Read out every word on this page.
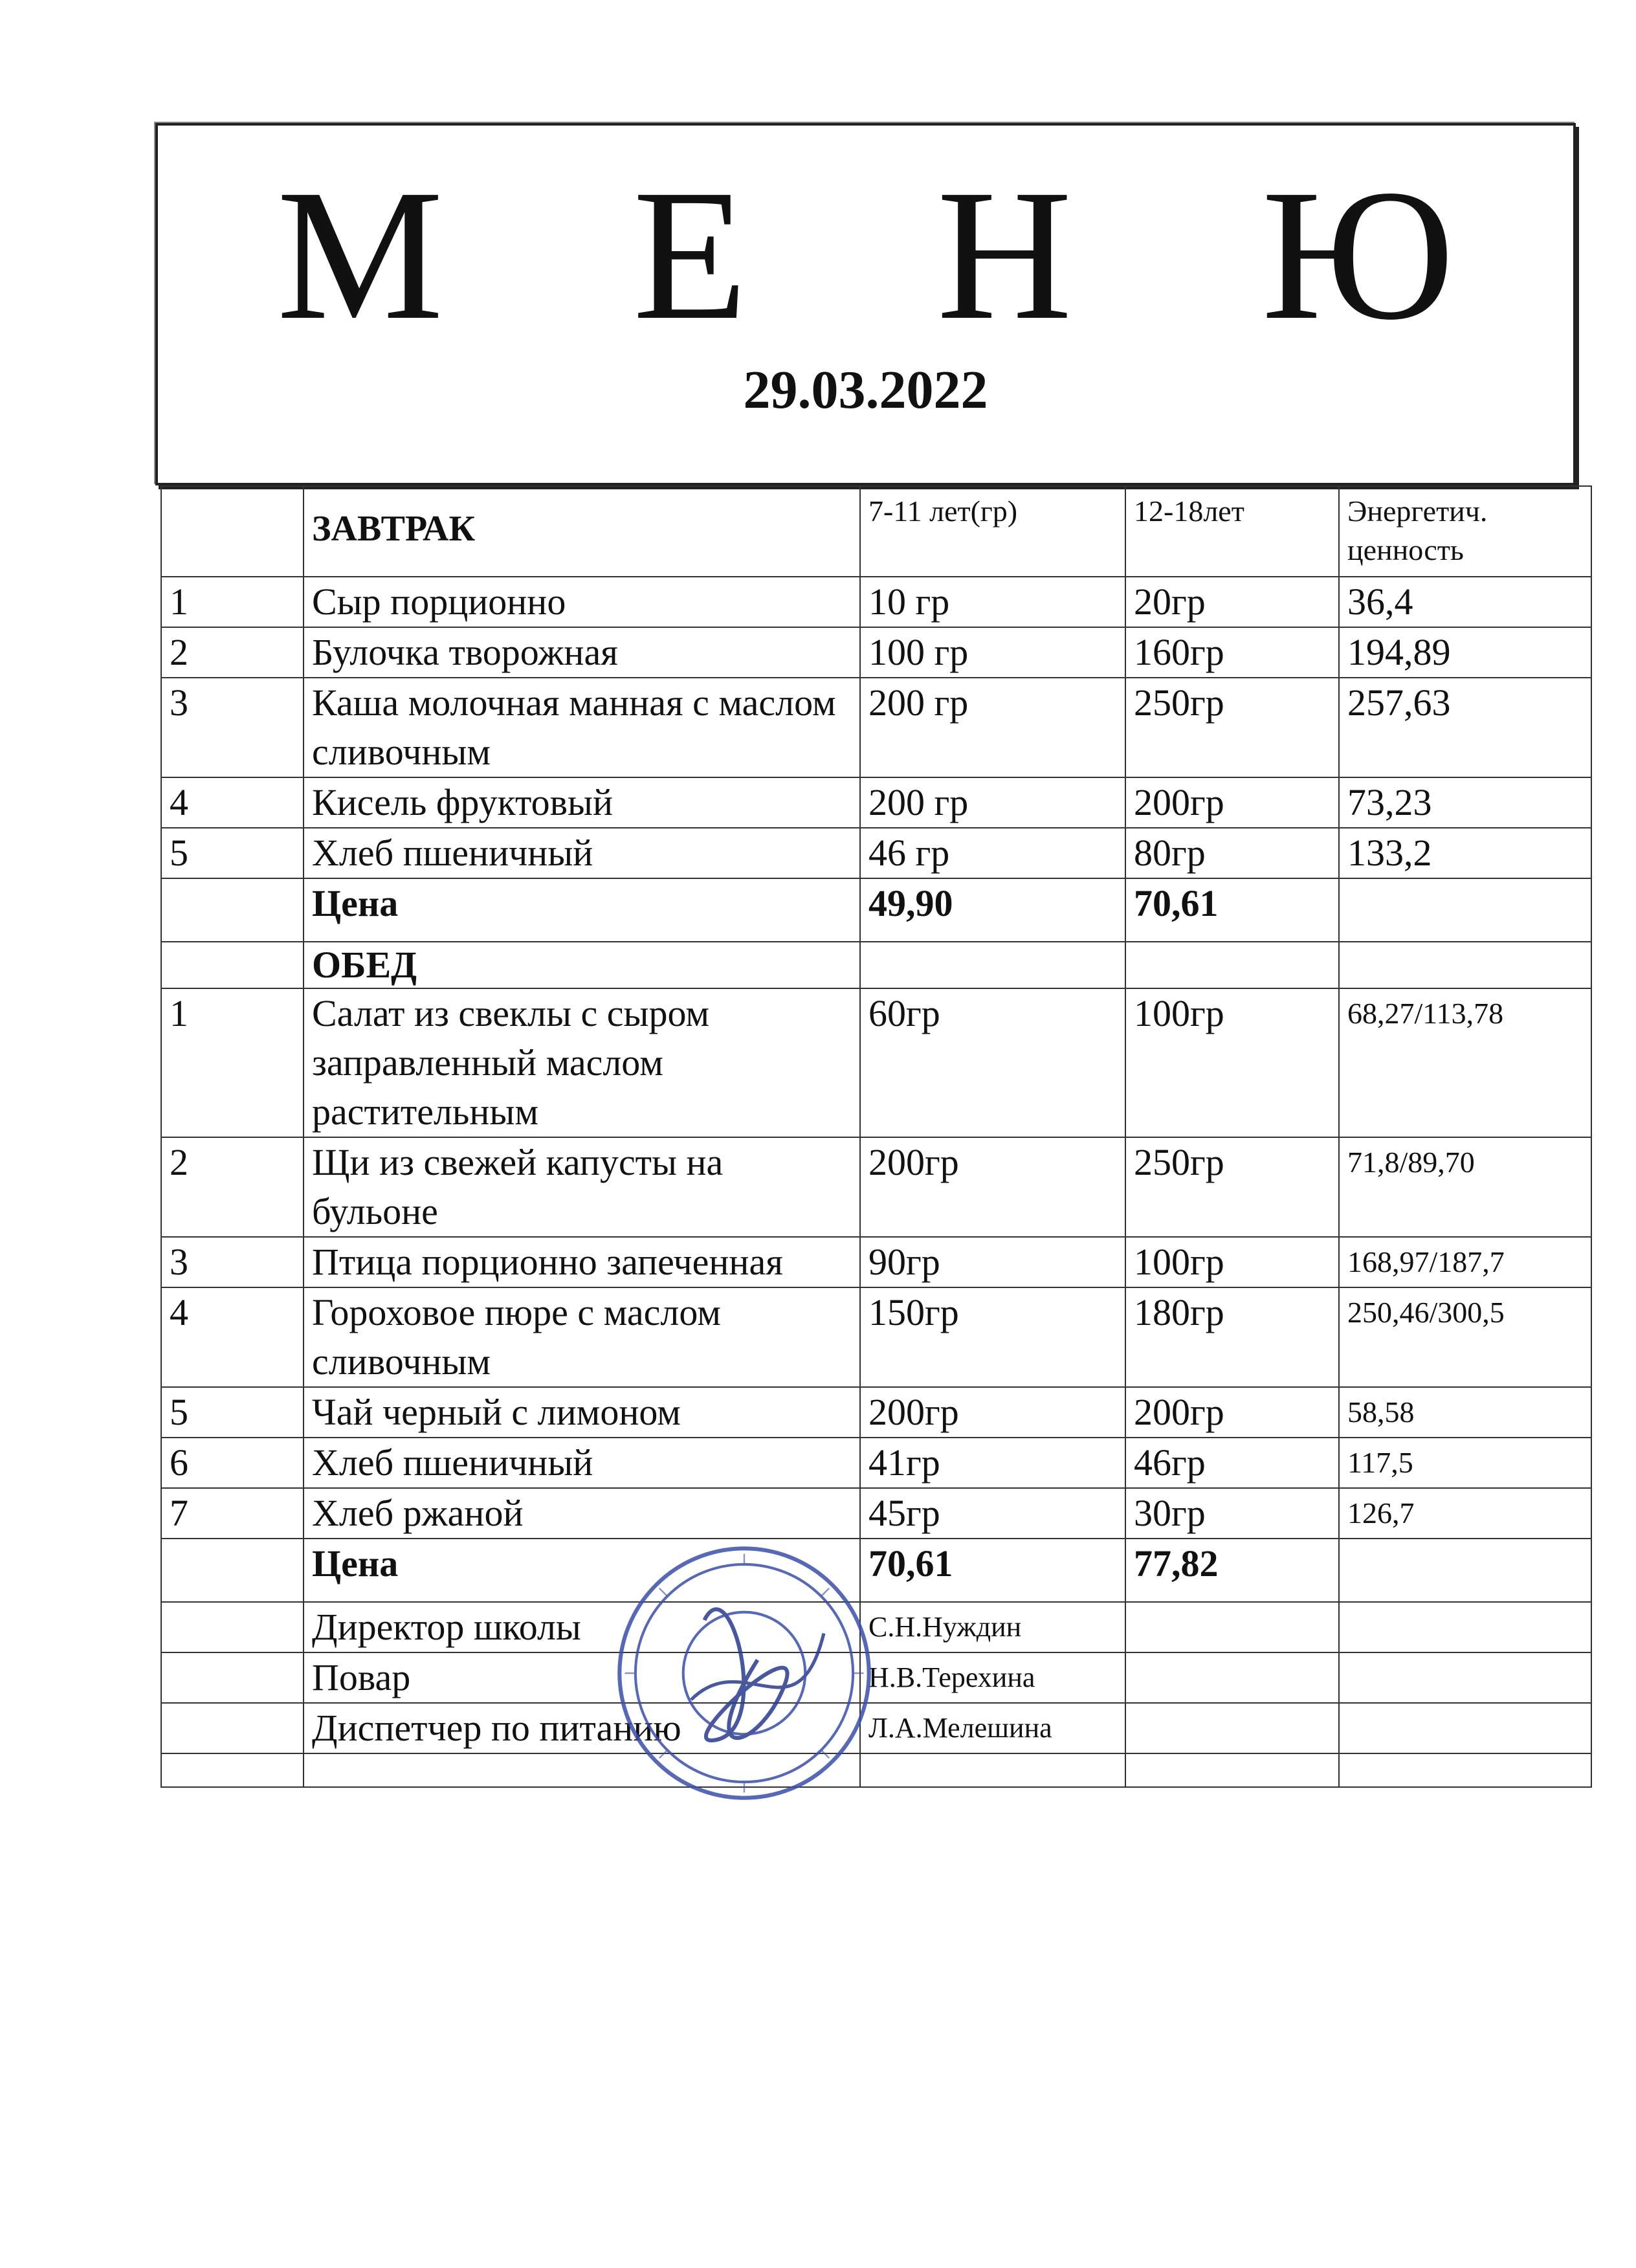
М Е Н Ю
29.03.2022
	ЗАВТРАК	7-11 лет(гр)	12-18лет	Энергетич. ценность
1	Сыр порционно	10 гр	20гр	36,4
2	Булочка творожная	100 гр	160гр	194,89
3	Каша молочная манная с маслом сливочным	200 гр	250гр	257,63
4	Кисель фруктовый	200 гр	200гр	73,23
5	Хлеб пшеничный	46 гр	80гр	133,2
	Цена	49,90	70,61	
	ОБЕД			
1	Салат из свеклы с сыром заправленный маслом растительным	60гр	100гр	68,27/113,78
2	Щи из свежей капусты на бульоне	200гр	250гр	71,8/89,70
3	Птица порционно запеченная	90гр	100гр	168,97/187,7
4	Гороховое пюре с маслом сливочным	150гр	180гр	250,46/300,5
5	Чай черный с лимоном	200гр	200гр	58,58
6	Хлеб пшеничный	41гр	46гр	117,5
7	Хлеб ржаной	45гр	30гр	126,7
	Цена	70,61	77,82	
	Директор школы	С.Н.Нуждин		
	Повар	Н.В.Терехина		
	Диспетчер по питанию	Л.А.Мелешина		
